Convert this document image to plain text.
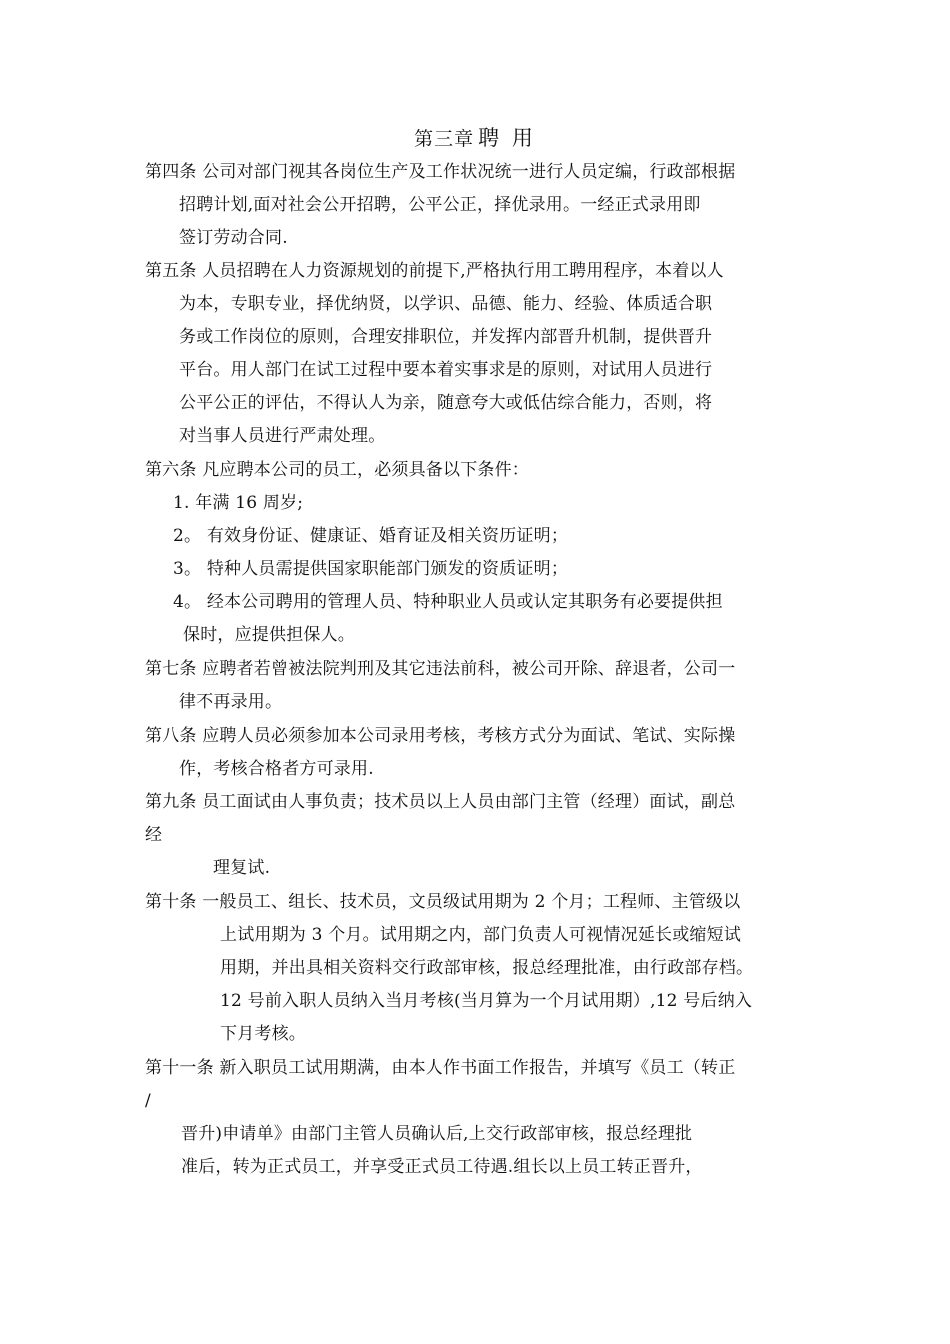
第三章 聘 用
第四条 公司对部门视其各岗位生产及工作状况统一进行人员定编，行政部根据
招聘计划,面对社会公开招聘，公平公正，择优录用。一经正式录用即
签订劳动合同.
第五条 人员招聘在人力资源规划的前提下,严格执行用工聘用程序，本着以人
为本，专职专业，择优纳贤，以学识、品德、能力、经验、体质适合职
务或工作岗位的原则，合理安排职位，并发挥内部晋升机制，提供晋升
平台。用人部门在试工过程中要本着实事求是的原则，对试用人员进行
公平公正的评估，不得认人为亲，随意夸大或低估综合能力，否则，将
对当事人员进行严肃处理。
第六条 凡应聘本公司的员工，必须具备以下条件：
1. 年满 16 周岁;
2。 有效身份证、健康证、婚育证及相关资历证明；
3。 特种人员需提供国家职能部门颁发的资质证明；
4。 经本公司聘用的管理人员、特种职业人员或认定其职务有必要提供担
保时，应提供担保人。
第七条 应聘者若曾被法院判刑及其它违法前科，被公司开除、辞退者，公司一
律不再录用。
第八条 应聘人员必须参加本公司录用考核，考核方式分为面试、笔试、实际操
作，考核合格者方可录用.
第九条 员工面试由人事负责；技术员以上人员由部门主管（经理）面试，副总
经
理复试.
第十条 一般员工、组长、技术员，文员级试用期为 2 个月；工程师、主管级以
上试用期为 3 个月。试用期之内，部门负责人可视情况延长或缩短试
用期，并出具相关资料交行政部审核，报总经理批准，由行政部存档。
12 号前入职人员纳入当月考核(当月算为一个月试用期）,12 号后纳入
下月考核。
第十一条 新入职员工试用期满，由本人作书面工作报告，并填写《员工（转正
/
晋升)申请单》由部门主管人员确认后,上交行政部审核，报总经理批
准后，转为正式员工，并享受正式员工待遇.组长以上员工转正晋升，
